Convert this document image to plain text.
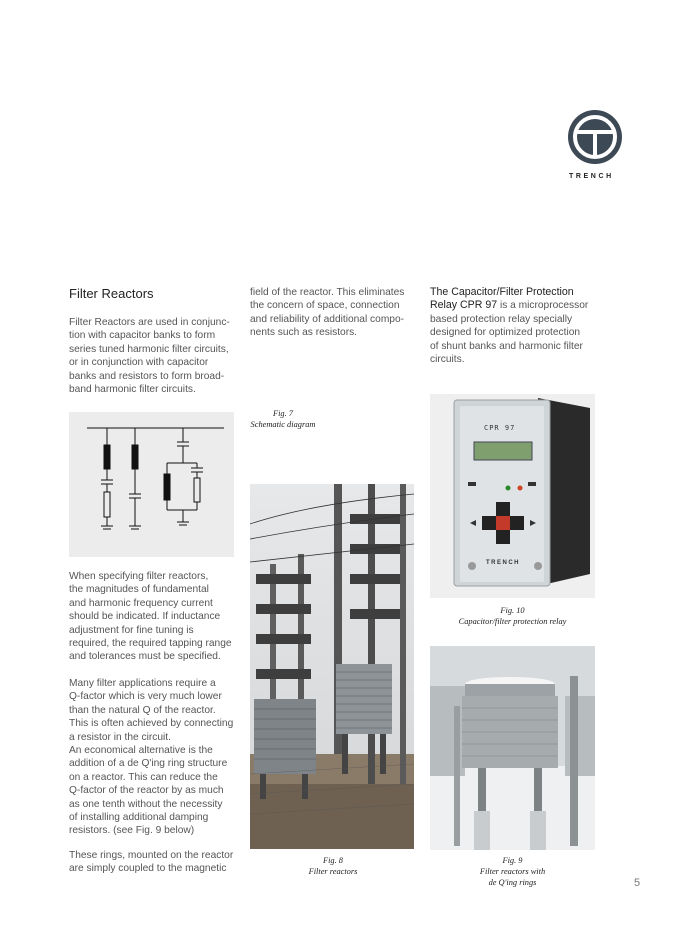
TRENCH
Filter Reactors
Filter Reactors are used in conjunc-
tion with capacitor banks to form
series tuned harmonic filter circuits,
or in conjunction with capacitor
banks and resistors to form broad-
band harmonic filter circuits.
When specifying filter reactors,
the magnitudes of fundamental
and harmonic frequency current
should be indicated. If inductance
adjustment for fine tuning is
required, the required tapping range
and tolerances must be specified.
Many filter applications require a
Q-factor which is very much lower
than the natural Q of the reactor.
This is often achieved by connecting
a resistor in the circuit.
An economical alternative is the
addition of a de Q'ing ring structure
on a reactor. This can reduce the
Q-factor of the reactor by as much
as one tenth without the necessity
of installing additional damping
resistors. (see Fig. 9 below)
These rings, mounted on the reactor
are simply coupled to the magnetic
field of the reactor. This eliminates
the concern of space, connection
and reliability of additional compo-
nents such as resistors.
Fig. 7
Schematic diagram
Fig. 8
Filter reactors
The Capacitor/Filter Protection
Relay CPR 97 is a microprocessor
based protection relay specially
designed for optimized protection
of shunt banks and harmonic filter
circuits.
CPR 97
TRENCH
Fig. 10
Capacitor/filter protection relay
Fig. 9
Filter reactors with
de Q'ing rings	5
